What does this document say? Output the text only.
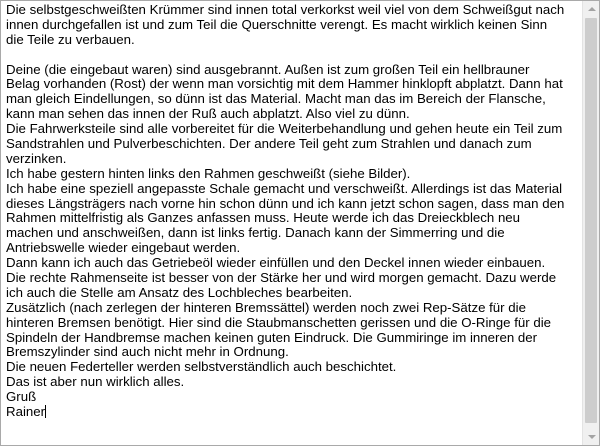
Die selbstgeschweißten Krümmer sind innen total verkorkst weil viel von dem Schweißgut nach
innen durchgefallen ist und zum Teil die Querschnitte verengt. Es macht wirklich keinen Sinn
die Teile zu verbauen.
Deine (die eingebaut waren) sind ausgebrannt. Außen ist zum großen Teil ein hellbrauner
Belag vorhanden (Rost) der wenn man vorsichtig mit dem Hammer hinklopft abplatzt. Dann hat
man gleich Eindellungen, so dünn ist das Material. Macht man das im Bereich der Flansche,
kann man sehen das innen der Ruß auch abplatzt. Also viel zu dünn.
Die Fahrwerksteile sind alle vorbereitet für die Weiterbehandlung und gehen heute ein Teil zum
Sandstrahlen und Pulverbeschichten. Der andere Teil geht zum Strahlen und danach zum
verzinken.
Ich habe gestern hinten links den Rahmen geschweißt (siehe Bilder).
Ich habe eine speziell angepasste Schale gemacht und verschweißt. Allerdings ist das Material
dieses Längsträgers nach vorne hin schon dünn und ich kann jetzt schon sagen, dass man den
Rahmen mittelfristig als Ganzes anfassen muss. Heute werde ich das Dreieckblech neu
machen und anschweißen, dann ist links fertig. Danach kann der Simmerring und die
Antriebswelle wieder eingebaut werden.
Dann kann ich auch das Getriebeöl wieder einfüllen und den Deckel innen wieder einbauen.
Die rechte Rahmenseite ist besser von der Stärke her und wird morgen gemacht. Dazu werde
ich auch die Stelle am Ansatz des Lochbleches bearbeiten.
Zusätzlich (nach zerlegen der hinteren Bremssättel) werden noch zwei Rep-Sätze für die
hinteren Bremsen benötigt. Hier sind die Staubmanschetten gerissen und die O-Ringe für die
Spindeln der Handbremse machen keinen guten Eindruck. Die Gummiringe im inneren der
Bremszylinder sind auch nicht mehr in Ordnung.
Die neuen Federteller werden selbstverständlich auch beschichtet.
Das ist aber nun wirklich alles.
Gruß
Rainer
